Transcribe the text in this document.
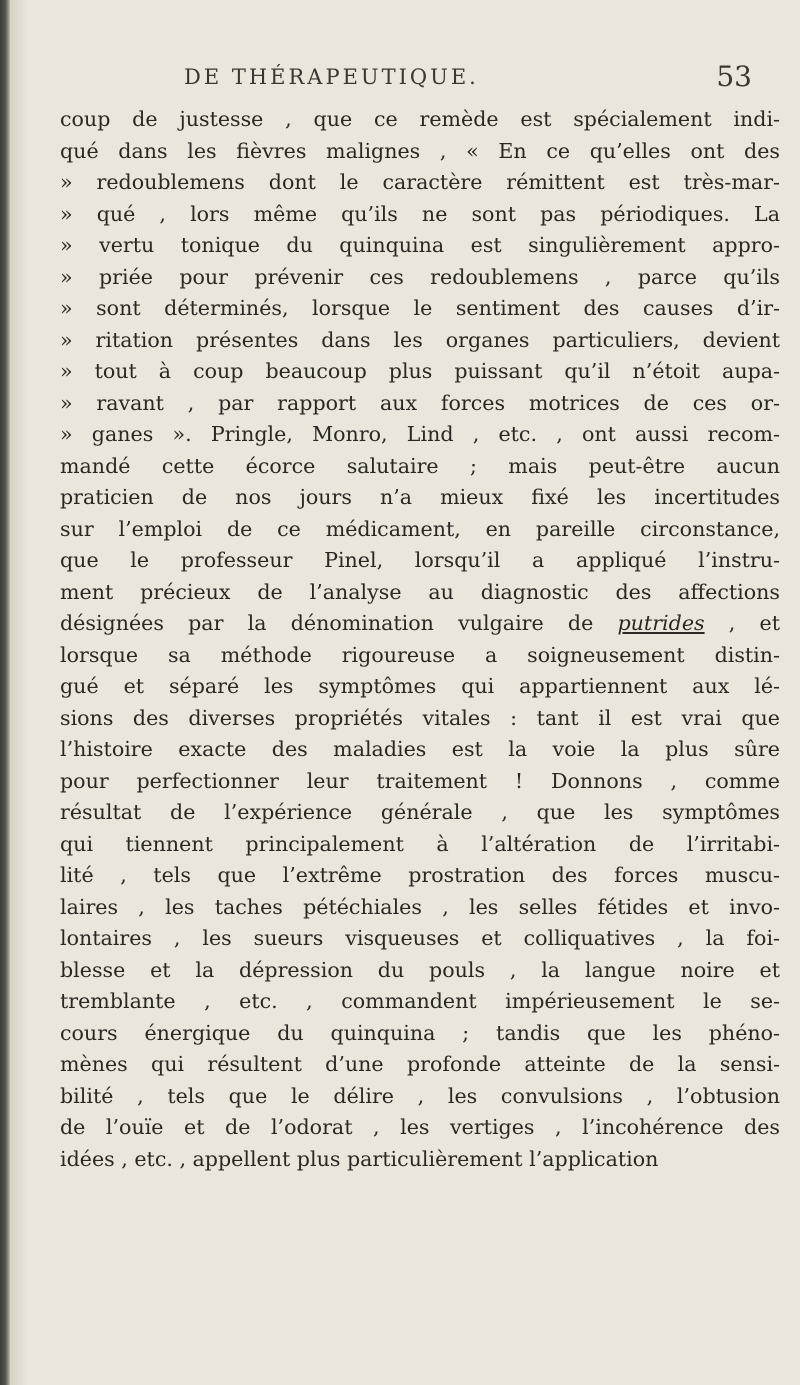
DE THÉRAPEUTIQUE.	53
coup de justesse , que ce remède est spécialement indi-
qué dans les fièvres malignes , « En ce qu’elles ont des
» redoublemens dont le caractère rémittent est très-mar-
» qué , lors même qu’ils ne sont pas périodiques. La
» vertu tonique du quinquina est singulièrement appro-
» priée pour prévenir ces redoublemens , parce qu’ils
» sont déterminés, lorsque le sentiment des causes d’ir-
» ritation présentes dans les organes particuliers, devient
» tout à coup beaucoup plus puissant qu’il n’étoit aupa-
» ravant , par rapport aux forces motrices de ces or-
» ganes ». Pringle, Monro, Lind , etc. , ont aussi recom-
mandé cette écorce salutaire ; mais peut-être aucun
praticien de nos jours n’a mieux fixé les incertitudes
sur l’emploi de ce médicament, en pareille circonstance,
que le professeur Pinel, lorsqu’il a appliqué l’instru-
ment précieux de l’analyse au diagnostic des affections
désignées par la dénomination vulgaire de putrides , et
lorsque sa méthode rigoureuse a soigneusement distin-
gué et séparé les symptômes qui appartiennent aux lé-
sions des diverses propriétés vitales : tant il est vrai que
l’histoire exacte des maladies est la voie la plus sûre
pour perfectionner leur traitement ! Donnons , comme
résultat de l’expérience générale , que les symptômes
qui tiennent principalement à l’altération de l’irritabi-
lité , tels que l’extrême prostration des forces muscu-
laires , les taches pétéchiales , les selles fétides et invo-
lontaires , les sueurs visqueuses et colliquatives , la foi-
blesse et la dépression du pouls , la langue noire et
tremblante , etc. , commandent impérieusement le se-
cours énergique du quinquina ; tandis que les phéno-
mènes qui résultent d’une profonde atteinte de la sensi-
bilité , tels que le délire , les convulsions , l’obtusion
de l’ouïe et de l’odorat , les vertiges , l’incohérence des
idées , etc. , appellent plus particulièrement l’application
